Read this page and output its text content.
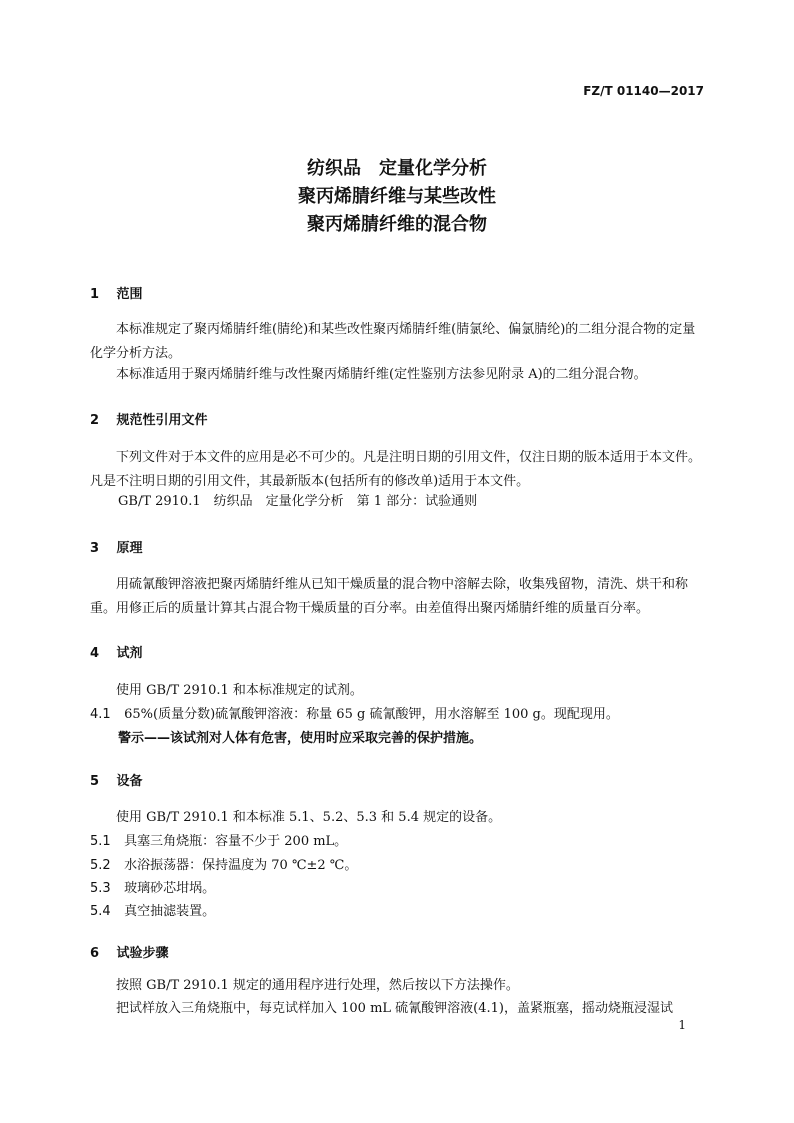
FZ/T 01140—2017
纺织品　定量化学分析
聚丙烯腈纤维与某些改性
聚丙烯腈纤维的混合物
1 范围
本标准规定了聚丙烯腈纤维(腈纶)和某些改性聚丙烯腈纤维(腈氯纶、偏氯腈纶)的二组分混合物的定量化学分析方法。
本标准适用于聚丙烯腈纤维与改性聚丙烯腈纤维(定性鉴别方法参见附录 A)的二组分混合物。
2 规范性引用文件
下列文件对于本文件的应用是必不可少的。凡是注明日期的引用文件，仅注日期的版本适用于本文件。凡是不注明日期的引用文件，其最新版本(包括所有的修改单)适用于本文件。
GB/T 2910.1　纺织品　定量化学分析　第 1 部分：试验通则
3 原理
用硫氰酸钾溶液把聚丙烯腈纤维从已知干燥质量的混合物中溶解去除，收集残留物，清洗、烘干和称重。用修正后的质量计算其占混合物干燥质量的百分率。由差值得出聚丙烯腈纤维的质量百分率。
4 试剂
使用 GB/T 2910.1 和本标准规定的试剂。
4.1 65%(质量分数)硫氰酸钾溶液：称量 65 g 硫氰酸钾，用水溶解至 100 g。现配现用。
警示——该试剂对人体有危害，使用时应采取完善的保护措施。
5 设备
使用 GB/T 2910.1 和本标准 5.1、5.2、5.3 和 5.4 规定的设备。
5.1 具塞三角烧瓶：容量不少于 200 mL。
5.2 水浴振荡器：保持温度为 70 ℃±2 ℃。
5.3 玻璃砂芯坩埚。
5.4 真空抽滤装置。
6 试验步骤
按照 GB/T 2910.1 规定的通用程序进行处理，然后按以下方法操作。
把试样放入三角烧瓶中，每克试样加入 100 mL 硫氰酸钾溶液(4.1)，盖紧瓶塞，摇动烧瓶浸湿试
1
